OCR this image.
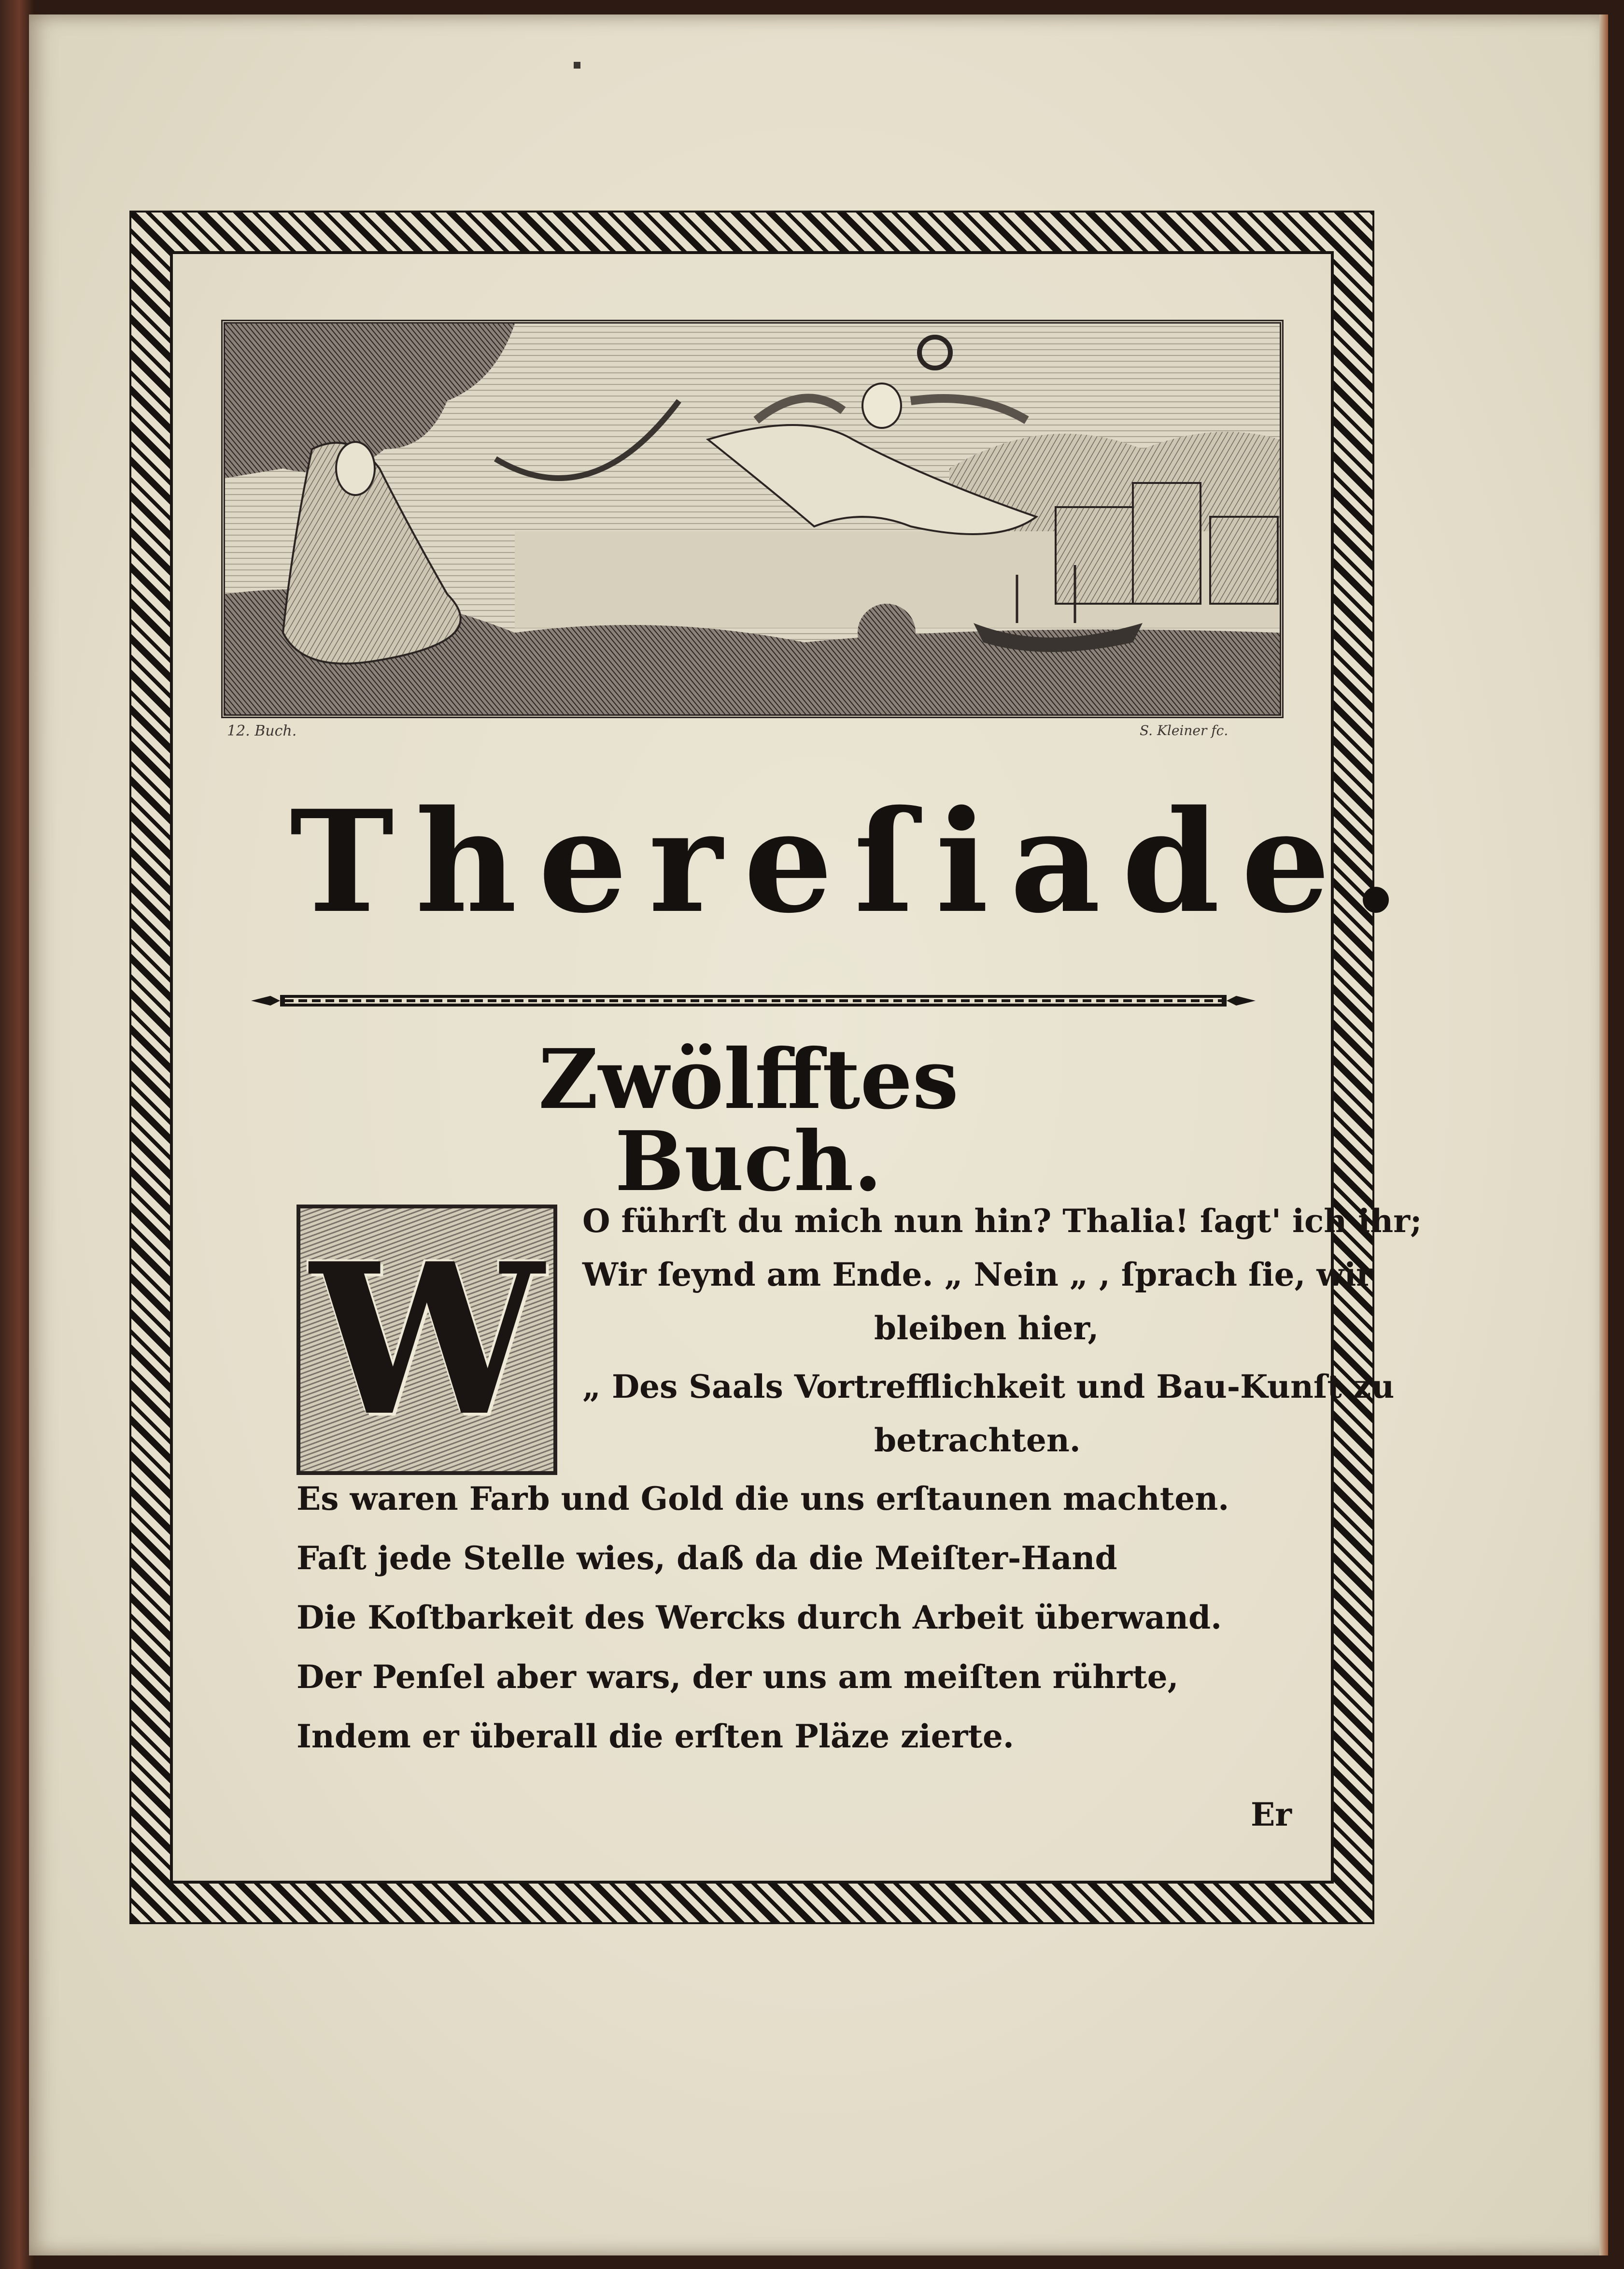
12. Buch.	S. Kleiner fc.
Thereſiade.
Zwölfftes Buch.
W	O führſt du mich nun hin? Thalia! ſagt' ich ihr;
Wir ſeynd am Ende. „ Nein „ , ſprach ſie, wir
bleiben hier,
„ Des Saals Vortrefflichkeit und Bau-Kunſt zu
betrachten.
Es waren Farb und Gold die uns erſtaunen machten.
Faſt jede Stelle wies, daß da die Meiſter-Hand
Die Koſtbarkeit des Wercks durch Arbeit überwand.
Der Penſel aber wars, der uns am meiſten rührte,
Indem er überall die erſten Pläze zierte.
Er
